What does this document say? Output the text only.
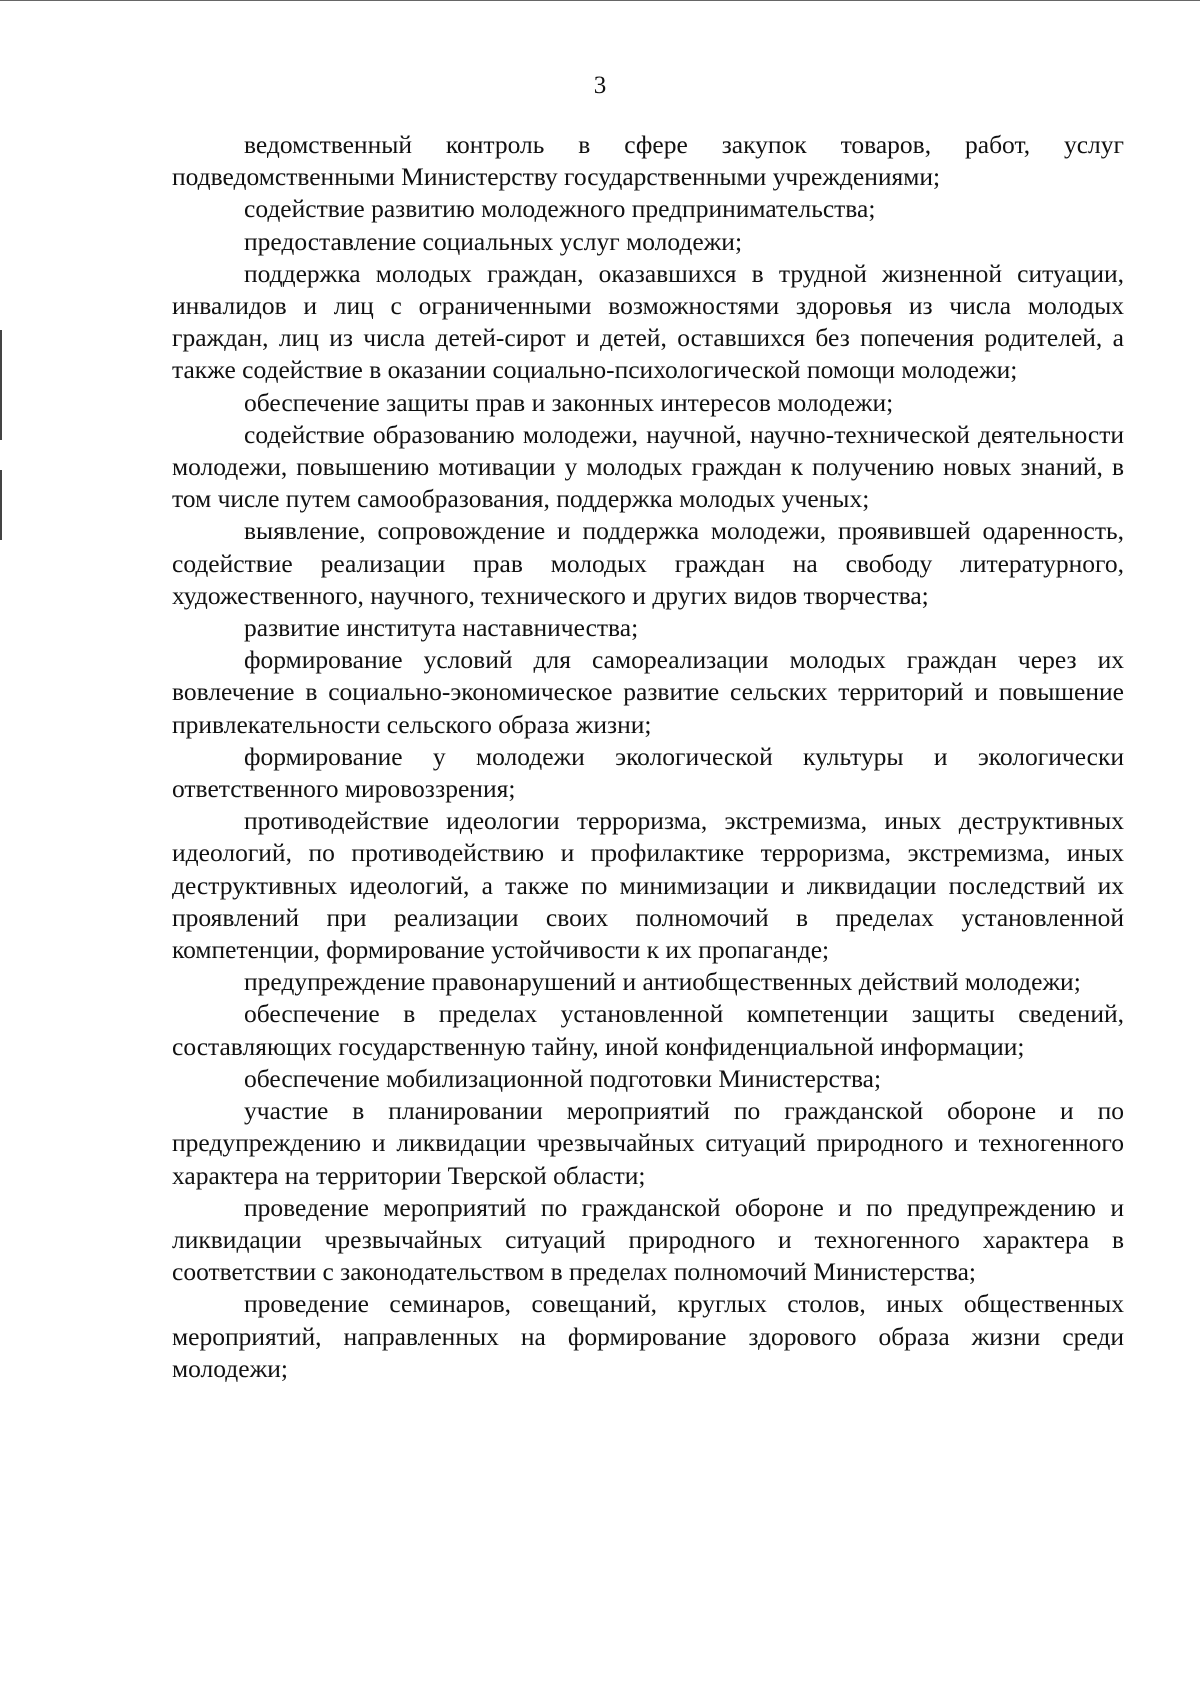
3

ведомственный контроль в сфере закупок товаров, работ, услуг подведомственными Министерству государственными учреждениями;

содействие развитию молодежного предпринимательства;

предоставление социальных услуг молодежи;

поддержка молодых граждан, оказавшихся в трудной жизненной ситуации, инвалидов и лиц с ограниченными возможностями здоровья из числа молодых граждан, лиц из числа детей-сирот и детей, оставшихся без попечения родителей, а также содействие в оказании социально-психологической помощи молодежи;

обеспечение защиты прав и законных интересов молодежи;

содействие образованию молодежи, научной, научно-технической деятельности молодежи, повышению мотивации у молодых граждан к получению новых знаний, в том числе путем самообразования, поддержка молодых ученых;

выявление, сопровождение и поддержка молодежи, проявившей одаренность, содействие реализации прав молодых граждан на свободу литературного, художественного, научного, технического и других видов творчества;

развитие института наставничества;

формирование условий для самореализации молодых граждан через их вовлечение в социально-экономическое развитие сельских территорий и повышение привлекательности сельского образа жизни;

формирование у молодежи экологической культуры и экологически ответственного мировоззрения;

противодействие идеологии терроризма, экстремизма, иных деструктивных идеологий, по противодействию и профилактике терроризма, экстремизма, иных деструктивных идеологий, а также по минимизации и ликвидации последствий их проявлений при реализации своих полномочий в пределах установленной компетенции, формирование устойчивости к их пропаганде;

предупреждение правонарушений и антиобщественных действий молодежи;

обеспечение в пределах установленной компетенции защиты сведений, составляющих государственную тайну, иной конфиденциальной информации;

обеспечение мобилизационной подготовки Министерства;

участие в планировании мероприятий по гражданской обороне и по предупреждению и ликвидации чрезвычайных ситуаций природного и техногенного характера на территории Тверской области;

проведение мероприятий по гражданской обороне и по предупреждению и ликвидации чрезвычайных ситуаций природного и техногенного характера в соответствии с законодательством в пределах полномочий Министерства;

проведение семинаров, совещаний, круглых столов, иных общественных мероприятий, направленных на формирование здорового образа жизни среди молодежи;
